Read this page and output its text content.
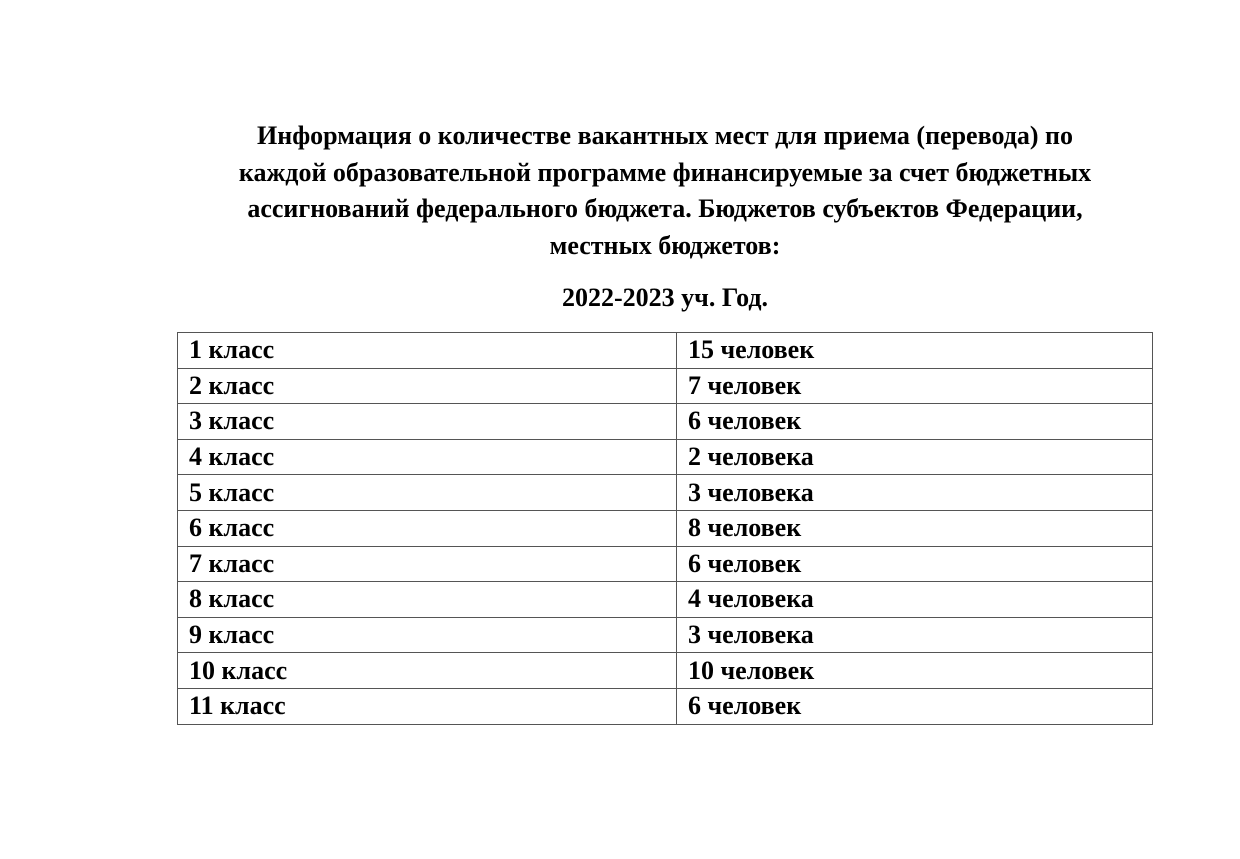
Информация о количестве вакантных мест для приема (перевода) по
каждой образовательной программе финансируемые за счет бюджетных
ассигнований федерального бюджета. Бюджетов субъектов Федерации,
местных бюджетов:
2022-2023 уч. Год.
1 класс	15 человек
2 класс	7 человек
3 класс	6 человек
4 класс	2 человека
5 класс	3 человека
6 класс	8 человек
7 класс	6 человек
8 класс	4 человека
9 класс	3 человека
10 класс	10 человек
11 класс	6 человек
